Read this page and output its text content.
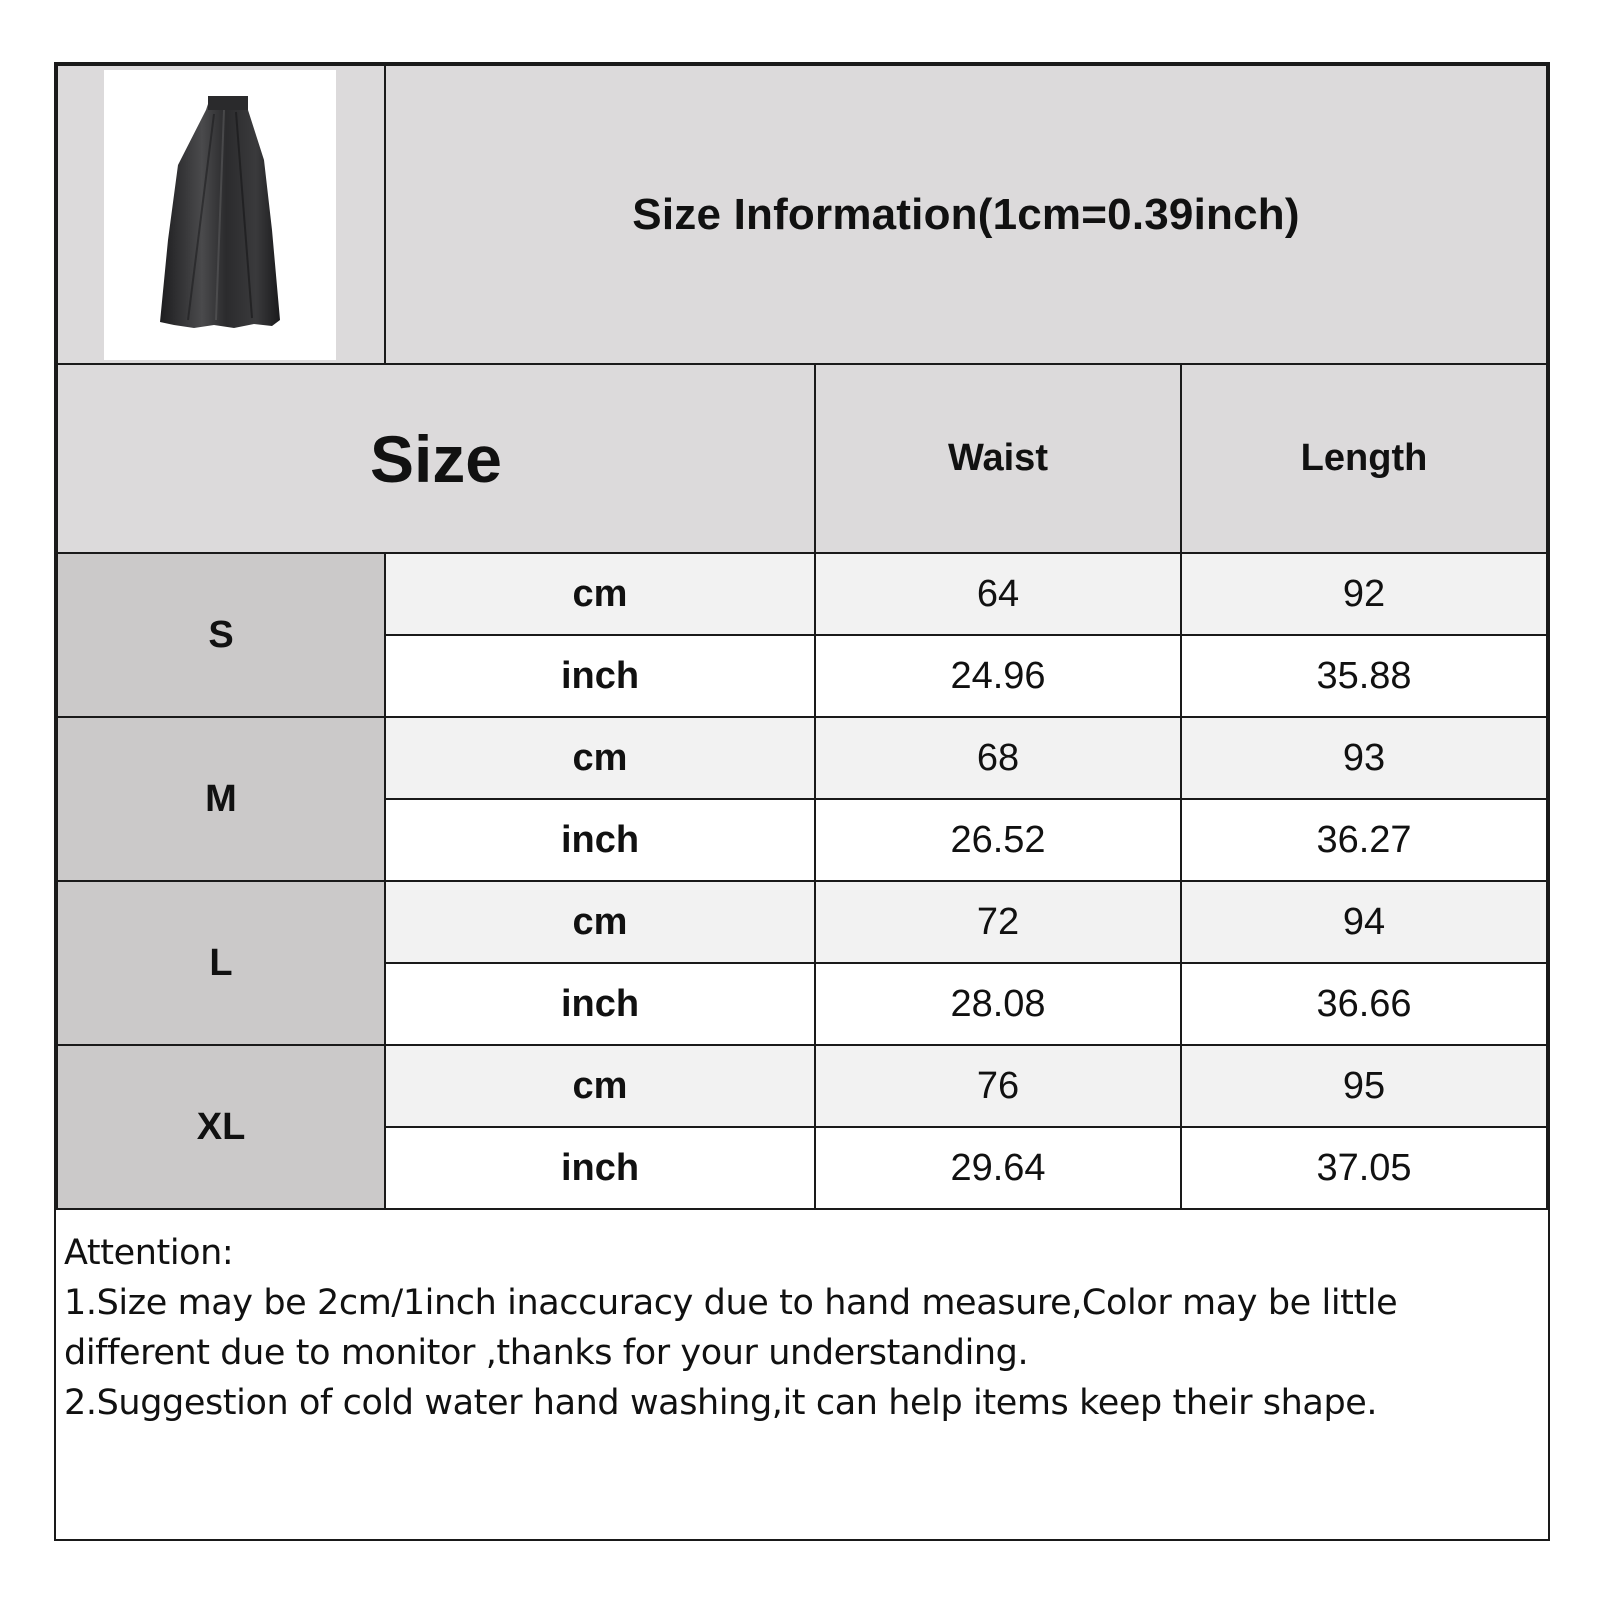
Size Information(1cm=0.39inch)
Size	Waist	Length
S
cm	64	92
inch	24.96	35.88
M
cm	68	93
inch	26.52	36.27
L
cm	72	94
inch	28.08	36.66
XL
cm	76	95
inch	29.64	37.05

Attention:

1.Size may be 2cm/1inch inaccuracy due to hand measure,Color may be little different due to monitor ,thanks for your understanding.

2.Suggestion of cold water hand washing,it can help items keep their shape.
